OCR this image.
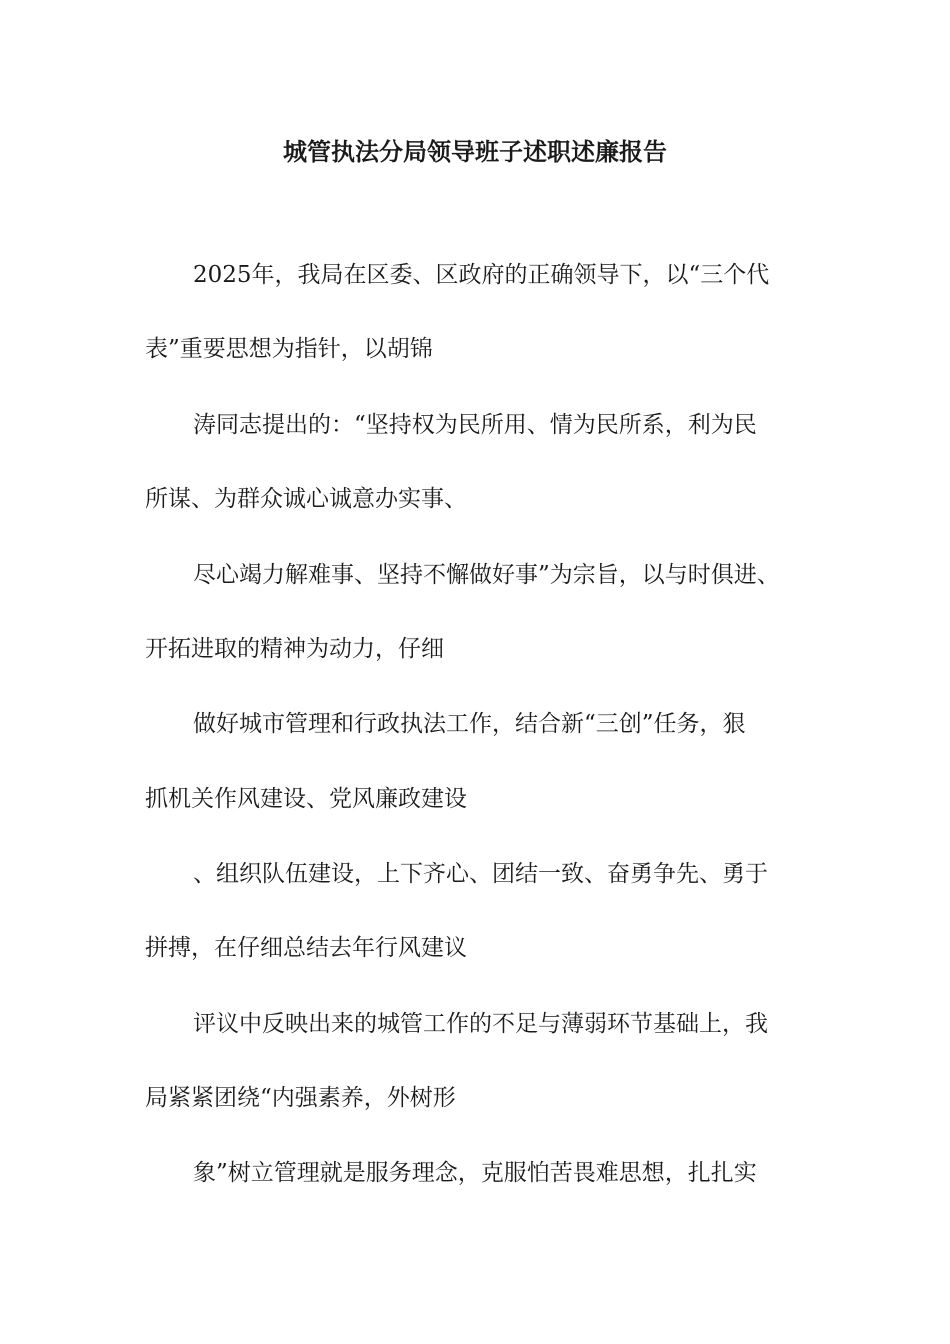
城管执法分局领导班子述职述廉报告
2025年，我局在区委、区政府的正确领导下，以“三个代
表”重要思想为指针，以胡锦
涛同志提出的：“坚持权为民所用、情为民所系，利为民
所谋、为群众诚心诚意办实事、
尽心竭力解难事、坚持不懈做好事”为宗旨，以与时俱进、
开拓进取的精神为动力，仔细
做好城市管理和行政执法工作，结合新“三创”任务，狠
抓机关作风建设、党风廉政建设
、组织队伍建设，上下齐心、团结一致、奋勇争先、勇于
拼搏，在仔细总结去年行风建议
评议中反映出来的城管工作的不足与薄弱环节基础上，我
局紧紧团绕“内强素养，外树形
象”树立管理就是服务理念，克服怕苦畏难思想，扎扎实
